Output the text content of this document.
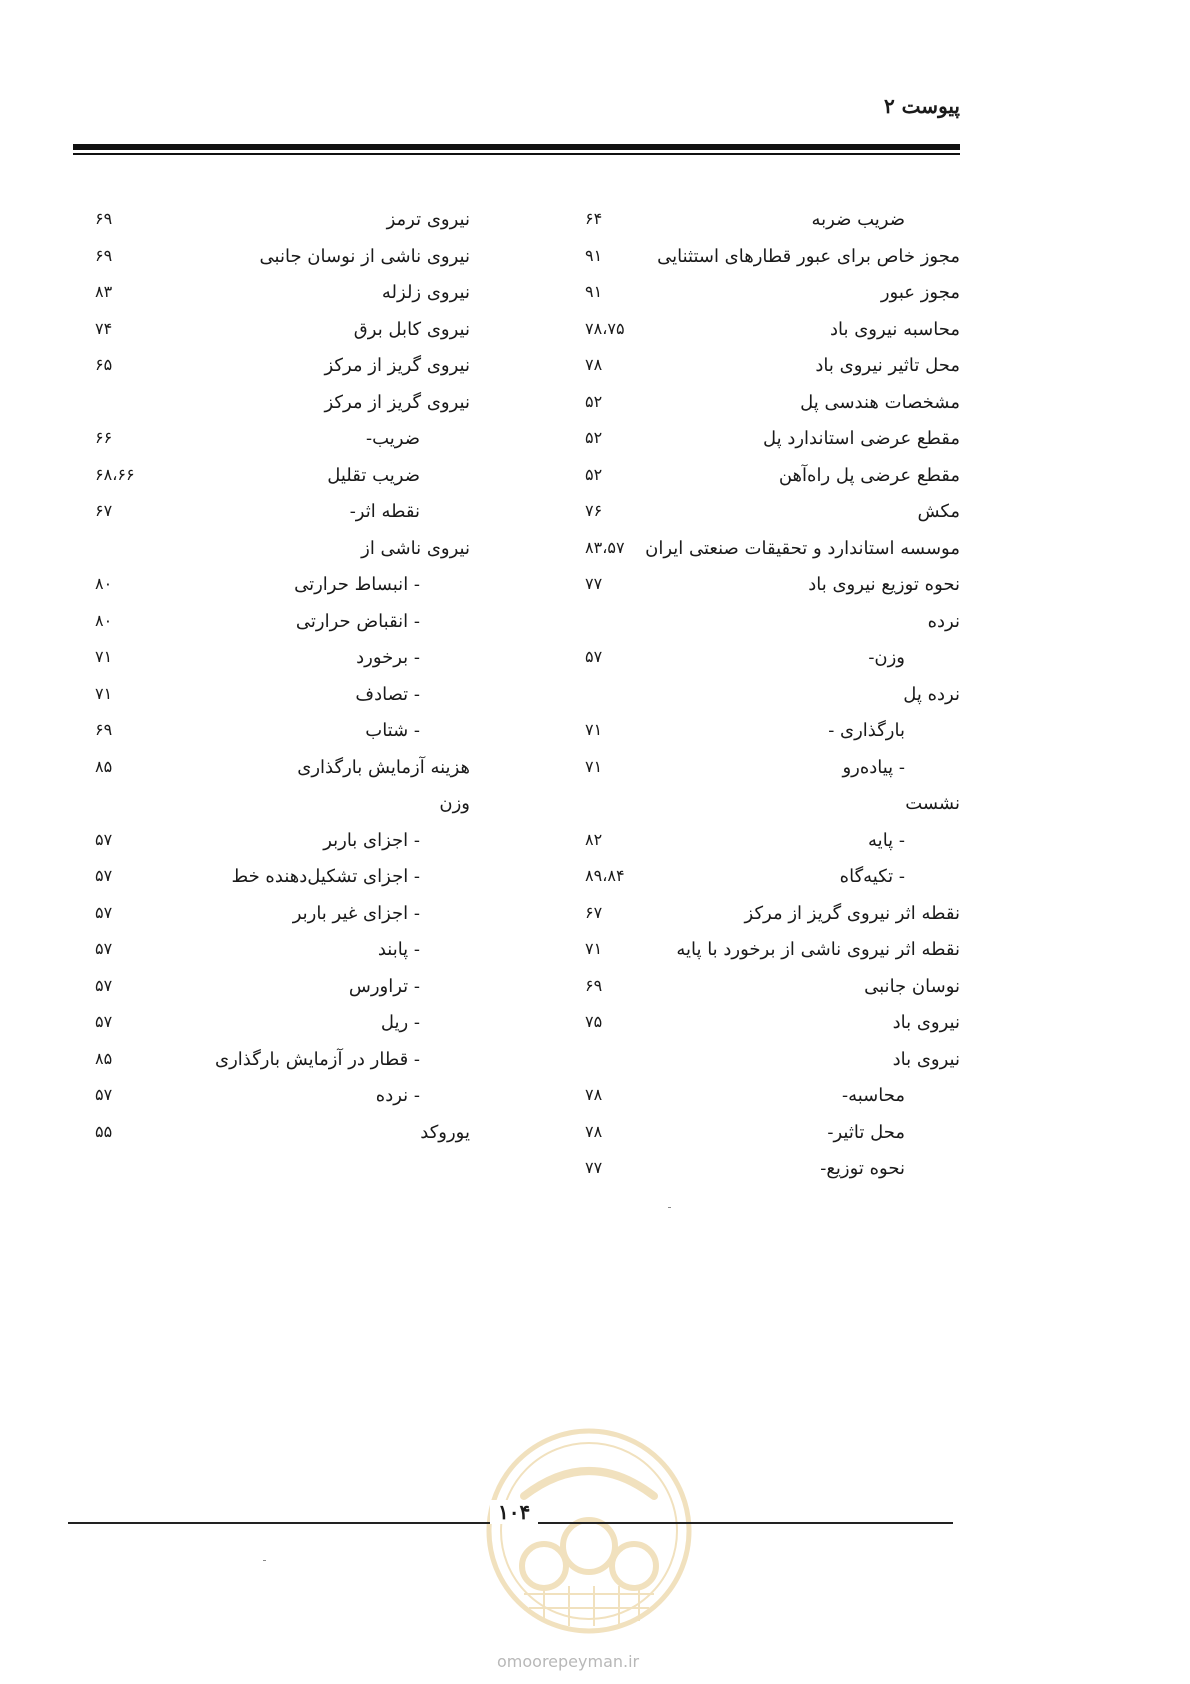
پیوست ۲
ضریب ضربه
۶۴
مجوز خاص برای عبور قطارهای استثنایی
۹۱
مجوز عبور
۹۱
محاسبه نیروی باد
۷۸،۷۵
محل تاثیر نیروی باد
۷۸
مشخصات هندسی پل
۵۲
مقطع عرضی استاندارد پل
۵۲
مقطع عرضی پل راه‌آهن
۵۲
مکش
۷۶
موسسه استاندارد و تحقیقات صنعتی ایران
۸۳،۵۷
نحوه توزیع نیروی باد
۷۷
نرده
وزن-
۵۷
نرده پل
بارگذاری -
۷۱
- پیاده‌رو
۷۱
نشست
- پایه
۸۲
- تکیه‌گاه
۸۹،۸۴
نقطه اثر نیروی گریز از مرکز
۶۷
نقطه اثر نیروی ناشی از برخورد با پایه
۷۱
نوسان جانبی
۶۹
نیروی باد
۷۵
نیروی باد
محاسبه-
۷۸
محل تاثیر-
۷۸
نحوه توزیع-
۷۷
نیروی ترمز
۶۹
نیروی ناشی از نوسان جانبی
۶۹
نیروی زلزله
۸۳
نیروی کابل برق
۷۴
نیروی گریز از مرکز
۶۵
نیروی گریز از مرکز
ضریب-
۶۶
ضریب تقلیل
۶۸،۶۶
نقطه اثر-
۶۷
نیروی ناشی از
- انبساط حرارتی
۸۰
- انقباض حرارتی
۸۰
- برخورد
۷۱
- تصادف
۷۱
- شتاب
۶۹
هزینه آزمایش بارگذاری
۸۵
وزن
- اجزای باربر
۵۷
- اجزای تشکیل‌دهنده خط
۵۷
- اجزای غیر باربر
۵۷
- پابند
۵۷
- تراورس
۵۷
- ریل
۵۷
- قطار در آزمایش بارگذاری
۸۵
- نرده
۵۷
یوروکد
۵۵
۱۰۴
omoorepeyman.ir
